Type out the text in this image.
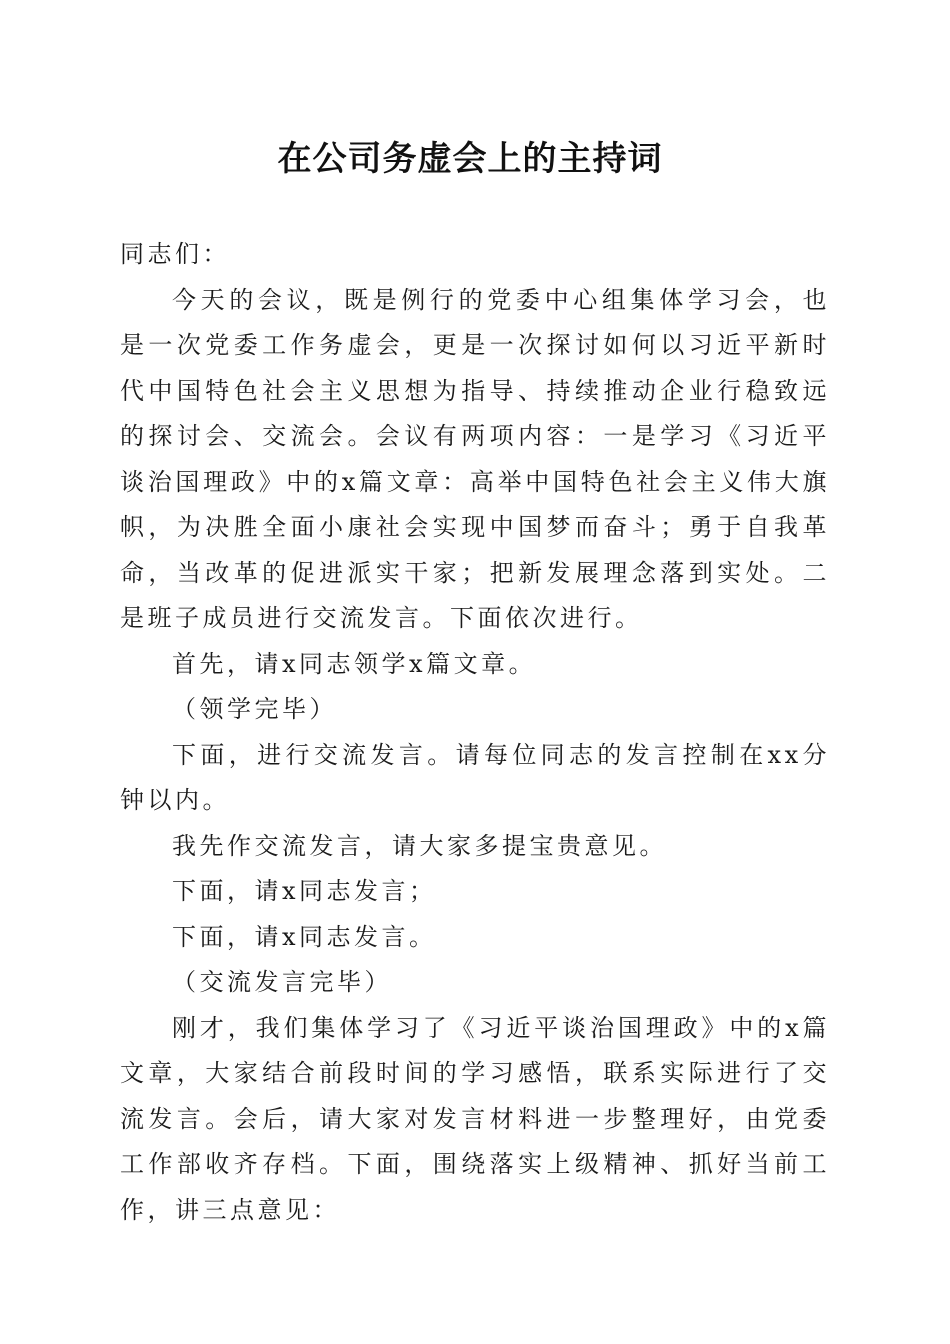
在公司务虚会上的主持词

同志们：

今天的会议，既是例行的党委中心组集体学习会，也是一次党委工作务虚会，更是一次探讨如何以习近平新时代中国特色社会主义思想为指导、持续推动企业行稳致远的探讨会、交流会。会议有两项内容：一是学习《习近平谈治国理政》中的x篇文章：高举中国特色社会主义伟大旗帜，为决胜全面小康社会实现中国梦而奋斗；勇于自我革命，当改革的促进派实干家；把新发展理念落到实处。二是班子成员进行交流发言。下面依次进行。

首先，请x同志领学x篇文章。

（领学完毕）

下面，进行交流发言。请每位同志的发言控制在xx分钟以内。

我先作交流发言，请大家多提宝贵意见。

下面，请x同志发言；

下面，请x同志发言。

（交流发言完毕）

刚才，我们集体学习了《习近平谈治国理政》中的x篇文章，大家结合前段时间的学习感悟，联系实际进行了交流发言。会后，请大家对发言材料进一步整理好，由党委工作部收齐存档。下面，围绕落实上级精神、抓好当前工作，讲三点意见：
